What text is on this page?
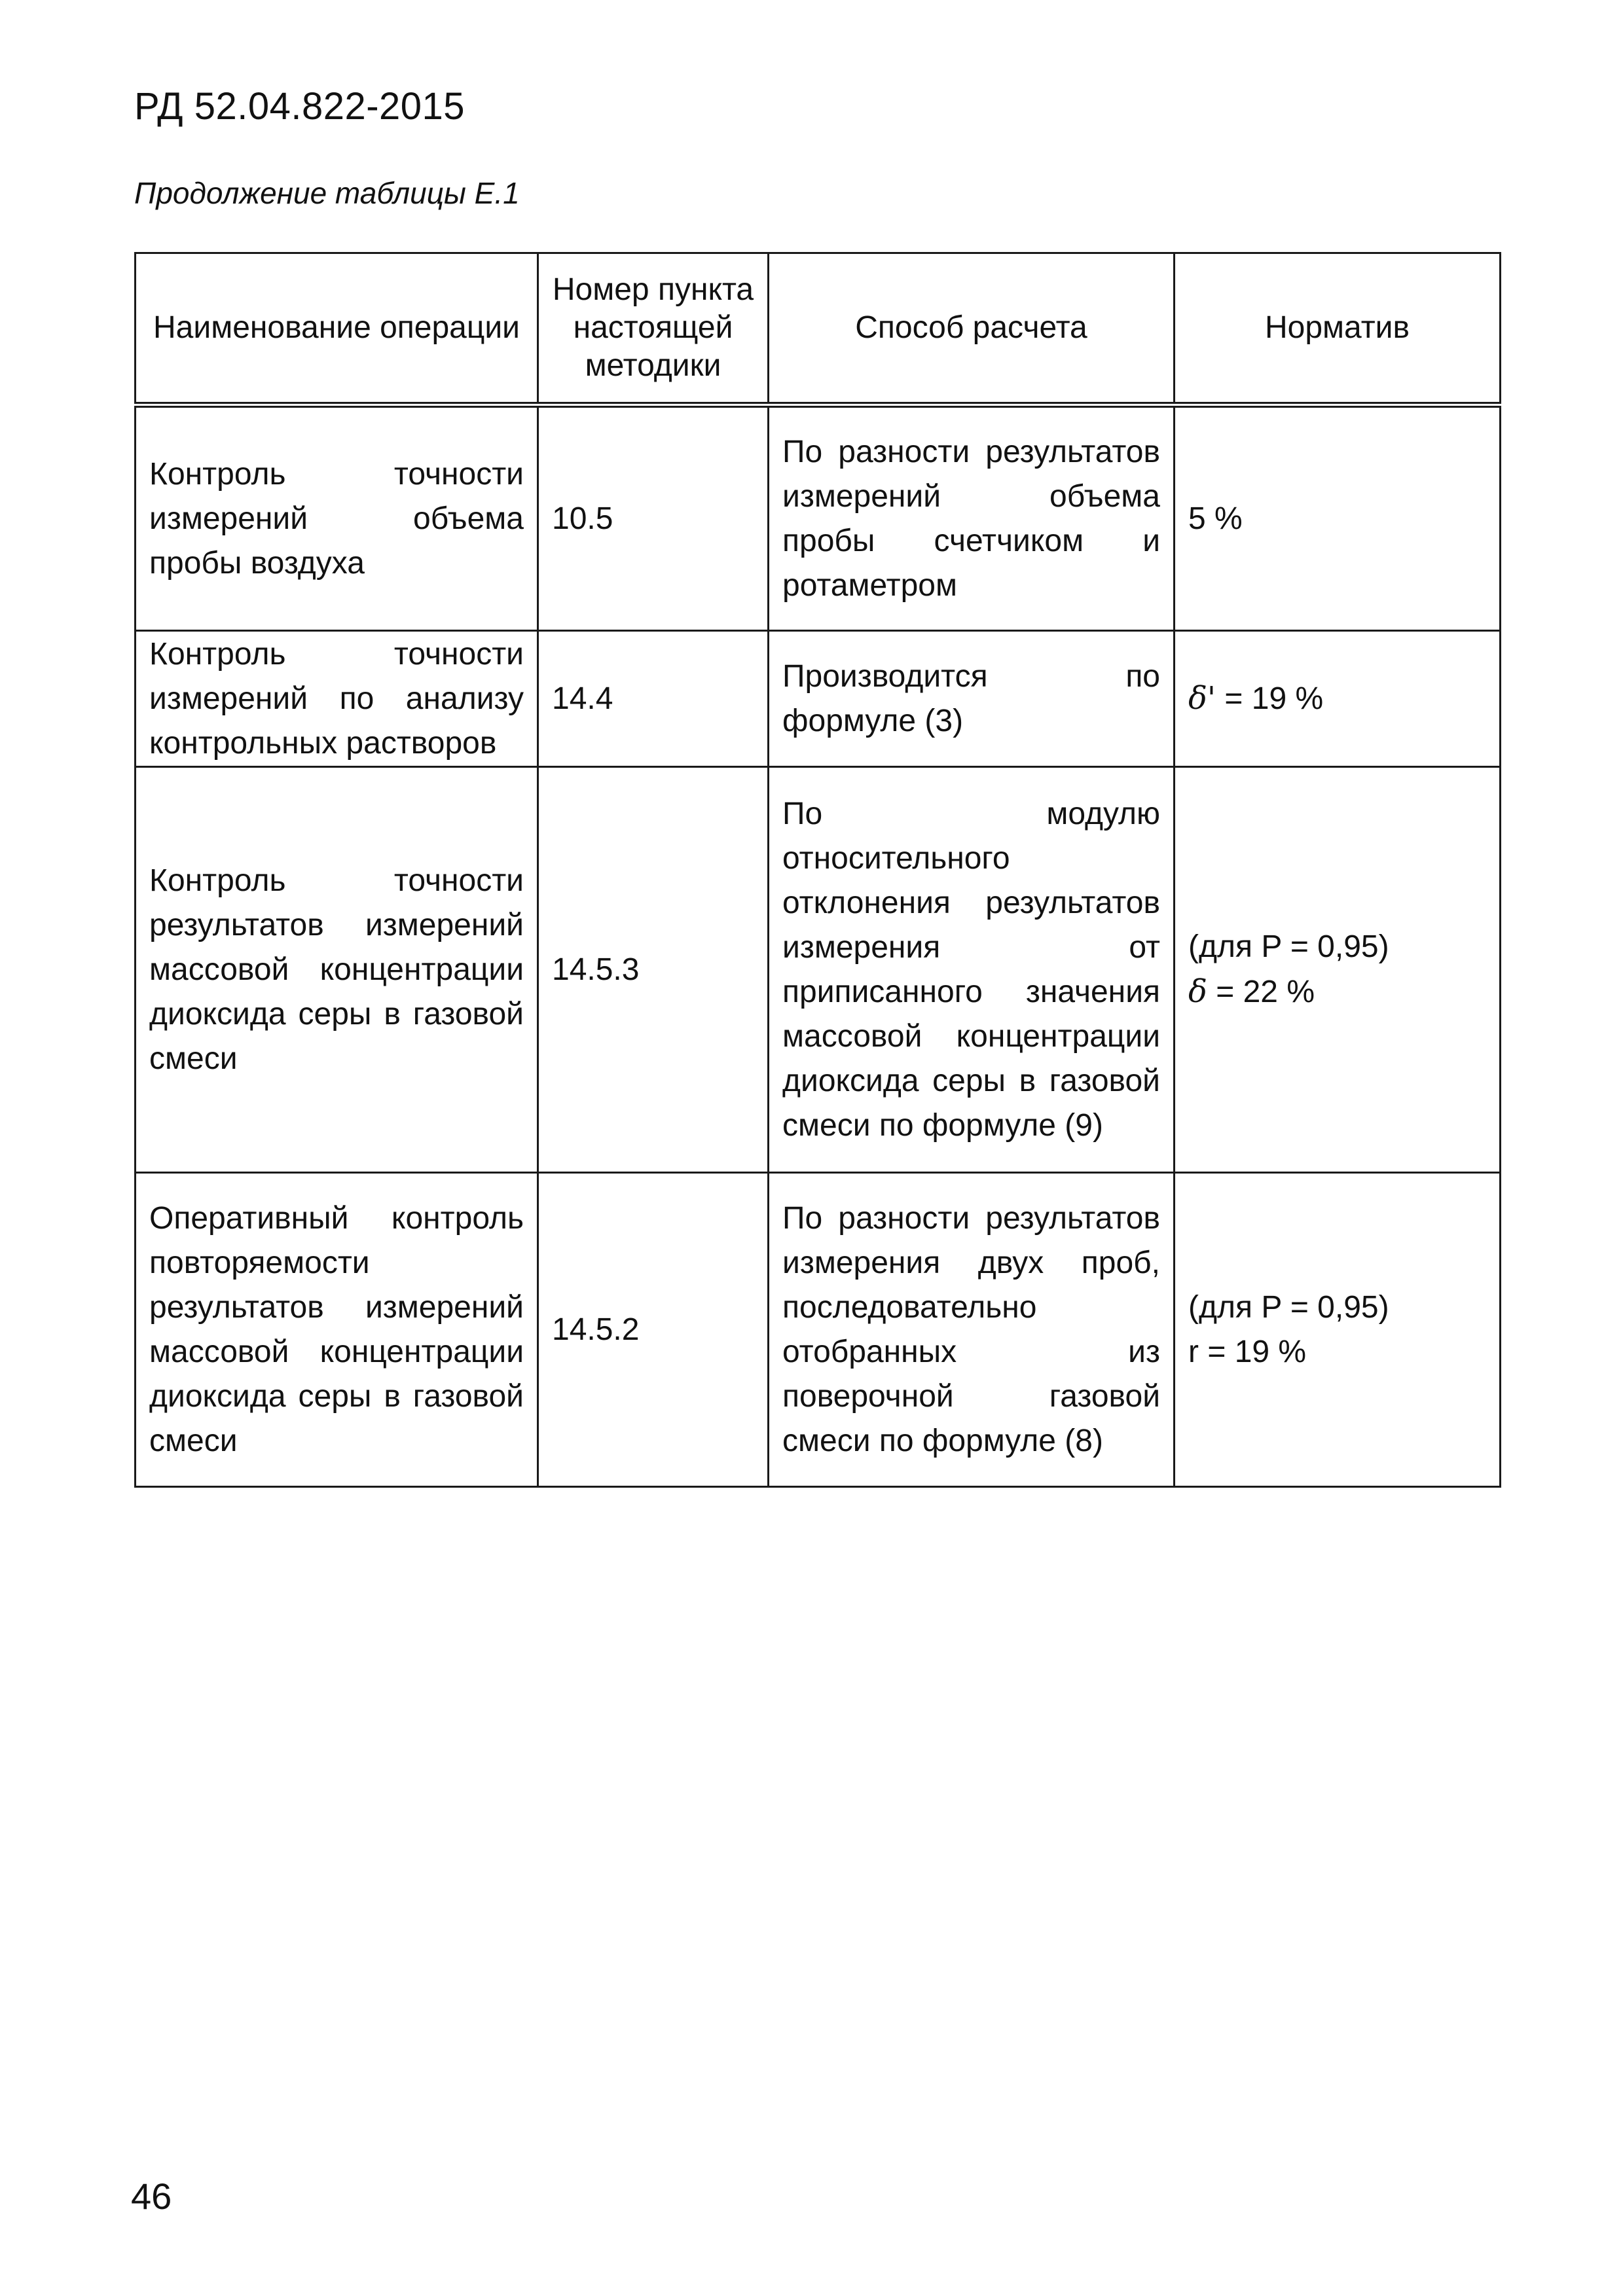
РД 52.04.822-2015
Продолжение таблицы Е.1
Наименование операции	Номер пункта настоящей методики	Способ расчета	Норматив
Контроль точности измерений объема пробы воздуха	10.5	По разности результатов измерений объема пробы счетчиком и ротаметром	5 %

Контроль точности измерений по анализу контрольных растворов	14.4	Производится по формуле (3)	δ' = 19 %

Контроль точности результатов измерений массовой концентрации диоксида серы в газовой смеси	14.5.3	По модулю относительного отклонения результатов измерения от приписанного значения массовой концентрации диоксида серы в газовой смеси по формуле (9)	(для P = 0,95)
δ = 22 %

Оперативный контроль повторяемости результатов измерений массовой концентрации диоксида серы в газовой смеси	14.5.2	По разности результатов измерения двух проб, последовательно отобранных из поверочной газовой смеси по формуле (8)	(для P = 0,95)
r = 19 %
46
